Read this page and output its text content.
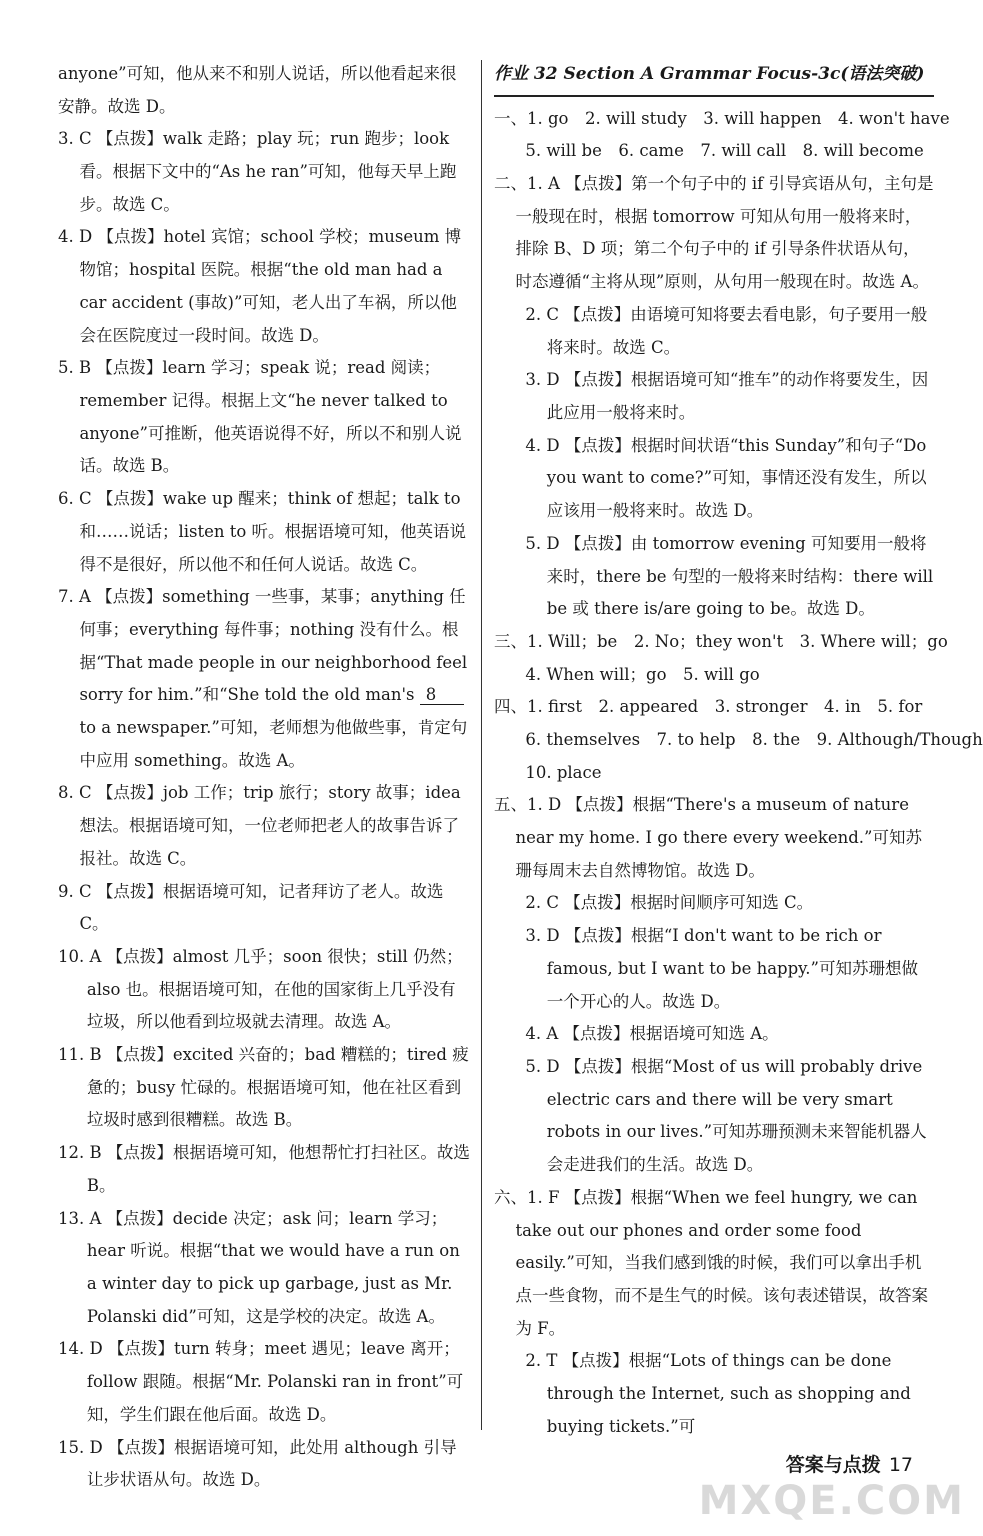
anyone”可知，他从来不和别人说话，所以他看起来很
安静。故选 D。
3. C 【点拨】walk 走路；play 玩；run 跑步；look 看。根据下文中的“As he ran”可知，他每天早上跑步。故选 C。
4. D 【点拨】hotel 宾馆；school 学校；museum 博物馆；hospital 医院。根据“the old man had a car accident (事故)”可知，老人出了车祸，所以他会在医院度过一段时间。故选 D。
5. B 【点拨】learn 学习；speak 说；read 阅读；remember 记得。根据上文“he never talked to anyone”可推断，他英语说得不好，所以不和别人说话。故选 B。
6. C 【点拨】wake up 醒来；think of 想起；talk to 和……说话；listen to 听。根据语境可知，他英语说得不是很好，所以他不和任何人说话。故选 C。
7. A 【点拨】something 一些事，某事；anything 任何事；everything 每件事；nothing 没有什么。根据“That made people in our neighborhood feel sorry for him.”和“She told the old man's 8 to a newspaper.”可知，老师想为他做些事，肯定句中应用 something。故选 A。
8. C 【点拨】job 工作；trip 旅行；story 故事；idea 想法。根据语境可知，一位老师把老人的故事告诉了报社。故选 C。
9. C 【点拨】根据语境可知，记者拜访了老人。故选 C。
10. A 【点拨】almost 几乎；soon 很快；still 仍然；also 也。根据语境可知，在他的国家街上几乎没有垃圾，所以他看到垃圾就去清理。故选 A。
11. B 【点拨】excited 兴奋的；bad 糟糕的；tired 疲惫的；busy 忙碌的。根据语境可知，他在社区看到垃圾时感到很糟糕。故选 B。
12. B 【点拨】根据语境可知，他想帮忙打扫社区。故选 B。
13. A 【点拨】decide 决定；ask 问；learn 学习；hear 听说。根据“that we would have a run on a winter day to pick up garbage, just as Mr. Polanski did”可知，这是学校的决定。故选 A。
14. D 【点拨】turn 转身；meet 遇见；leave 离开；follow 跟随。根据“Mr. Polanski ran in front”可知，学生们跟在他后面。故选 D。
15. D 【点拨】根据语境可知，此处用 although 引导让步状语从句。故选 D。
作业 32 Section A Grammar Focus-3c(语法突破)
一、1. go　2. will study　3. will happen　4. won't have
5. will be　6. came　7. will call　8. will become
二、1. A 【点拨】第一个句子中的 if 引导宾语从句，主句是一般现在时，根据 tomorrow 可知从句用一般将来时，排除 B、D 项；第二个句子中的 if 引导条件状语从句，时态遵循“主将从现”原则，从句用一般现在时。故选 A。
2. C 【点拨】由语境可知将要去看电影，句子要用一般将来时。故选 C。
3. D 【点拨】根据语境可知“推车”的动作将要发生，因此应用一般将来时。
4. D 【点拨】根据时间状语“this Sunday”和句子“Do you want to come?”可知，事情还没有发生，所以应该用一般将来时。故选 D。
5. D 【点拨】由 tomorrow evening 可知要用一般将来时，there be 句型的一般将来时结构：there will be 或 there is/are going to be。故选 D。
三、1. Will；be　2. No；they won't　3. Where will；go
4. When will；go　5. will go
四、1. first　2. appeared　3. stronger　4. in　5. for
6. themselves　7. to help　8. the　9. Although/Though
10. place
五、1. D 【点拨】根据“There's a museum of nature near my home. I go there every weekend.”可知苏珊每周末去自然博物馆。故选 D。
2. C 【点拨】根据时间顺序可知选 C。
3. D 【点拨】根据“I don't want to be rich or famous, but I want to be happy.”可知苏珊想做一个开心的人。故选 D。
4. A 【点拨】根据语境可知选 A。
5. D 【点拨】根据“Most of us will probably drive electric cars and there will be very smart robots in our lives.”可知苏珊预测未来智能机器人会走进我们的生活。故选 D。
六、1. F 【点拨】根据“When we feel hungry, we can take out our phones and order some food easily.”可知，当我们感到饿的时候，我们可以拿出手机点一些食物，而不是生气的时候。该句表述错误，故答案为 F。
2. T 【点拨】根据“Lots of things can be done through the Internet, such as shopping and buying tickets.”可
答案与点拨 17
MXQE.COM
